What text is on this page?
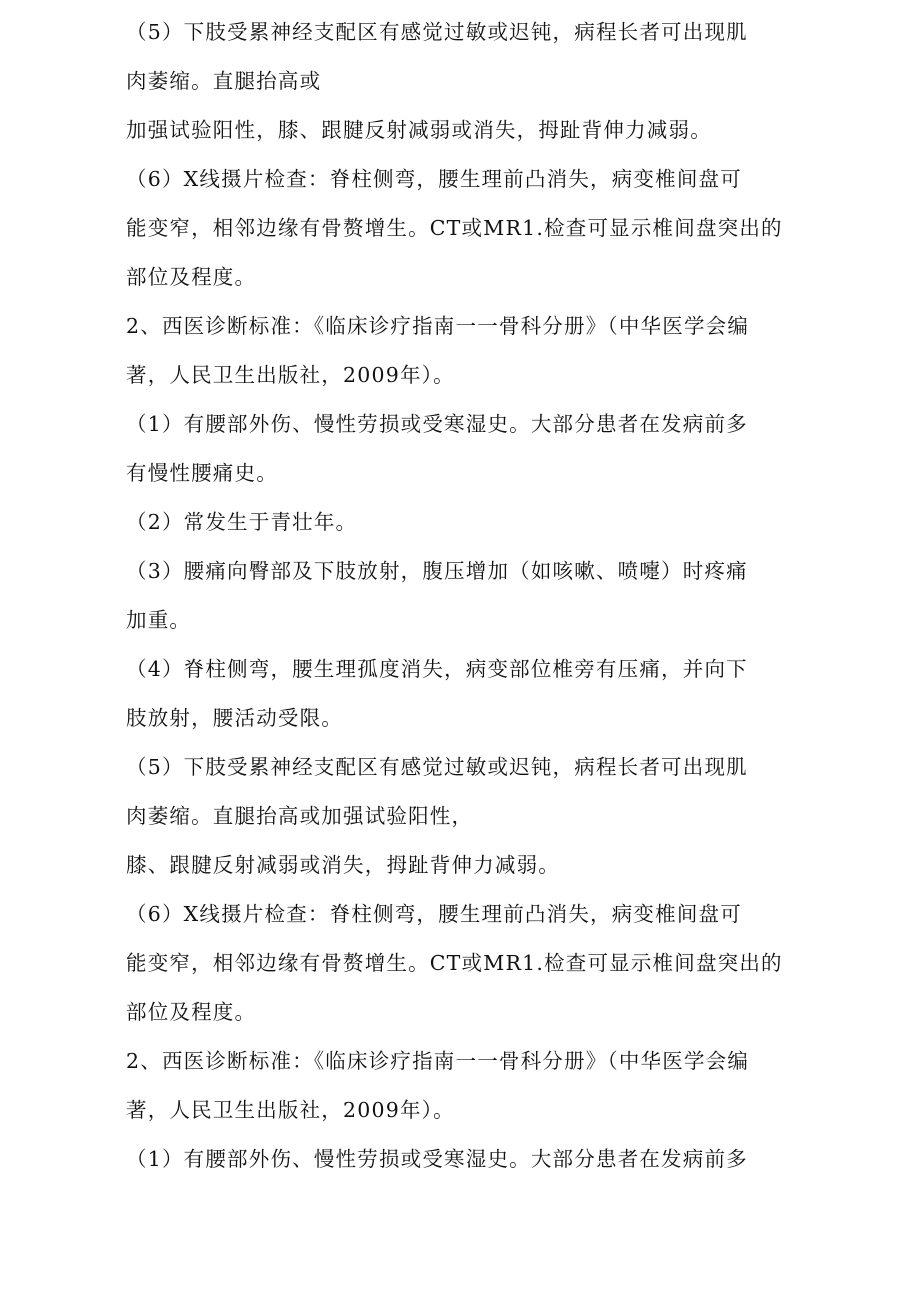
（5）下肢受累神经支配区有感觉过敏或迟钝，病程长者可出现肌
肉萎缩。直腿抬高或
加强试验阳性，膝、跟腱反射减弱或消失，拇趾背伸力减弱。
（6）X线摄片检查：脊柱侧弯，腰生理前凸消失，病变椎间盘可
能变窄，相邻边缘有骨赘增生。CT或MR1.检查可显示椎间盘突出的
部位及程度。
2、西医诊断标准：《临床诊疗指南一一骨科分册》（中华医学会编
著，人民卫生出版社，2009年）。
（1）有腰部外伤、慢性劳损或受寒湿史。大部分患者在发病前多
有慢性腰痛史。
（2）常发生于青壮年。
（3）腰痛向臀部及下肢放射，腹压增加（如咳嗽、喷嚏）时疼痛
加重。
（4）脊柱侧弯，腰生理孤度消失，病变部位椎旁有压痛，并向下
肢放射，腰活动受限。
（5）下肢受累神经支配区有感觉过敏或迟钝，病程长者可出现肌
肉萎缩。直腿抬高或加强试验阳性，
膝、跟腱反射减弱或消失，拇趾背伸力减弱。
（6）X线摄片检查：脊柱侧弯，腰生理前凸消失，病变椎间盘可
能变窄，相邻边缘有骨赘增生。CT或MR1.检查可显示椎间盘突出的
部位及程度。
2、西医诊断标准：《临床诊疗指南一一骨科分册》（中华医学会编
著，人民卫生出版社，2009年）。
（1）有腰部外伤、慢性劳损或受寒湿史。大部分患者在发病前多
